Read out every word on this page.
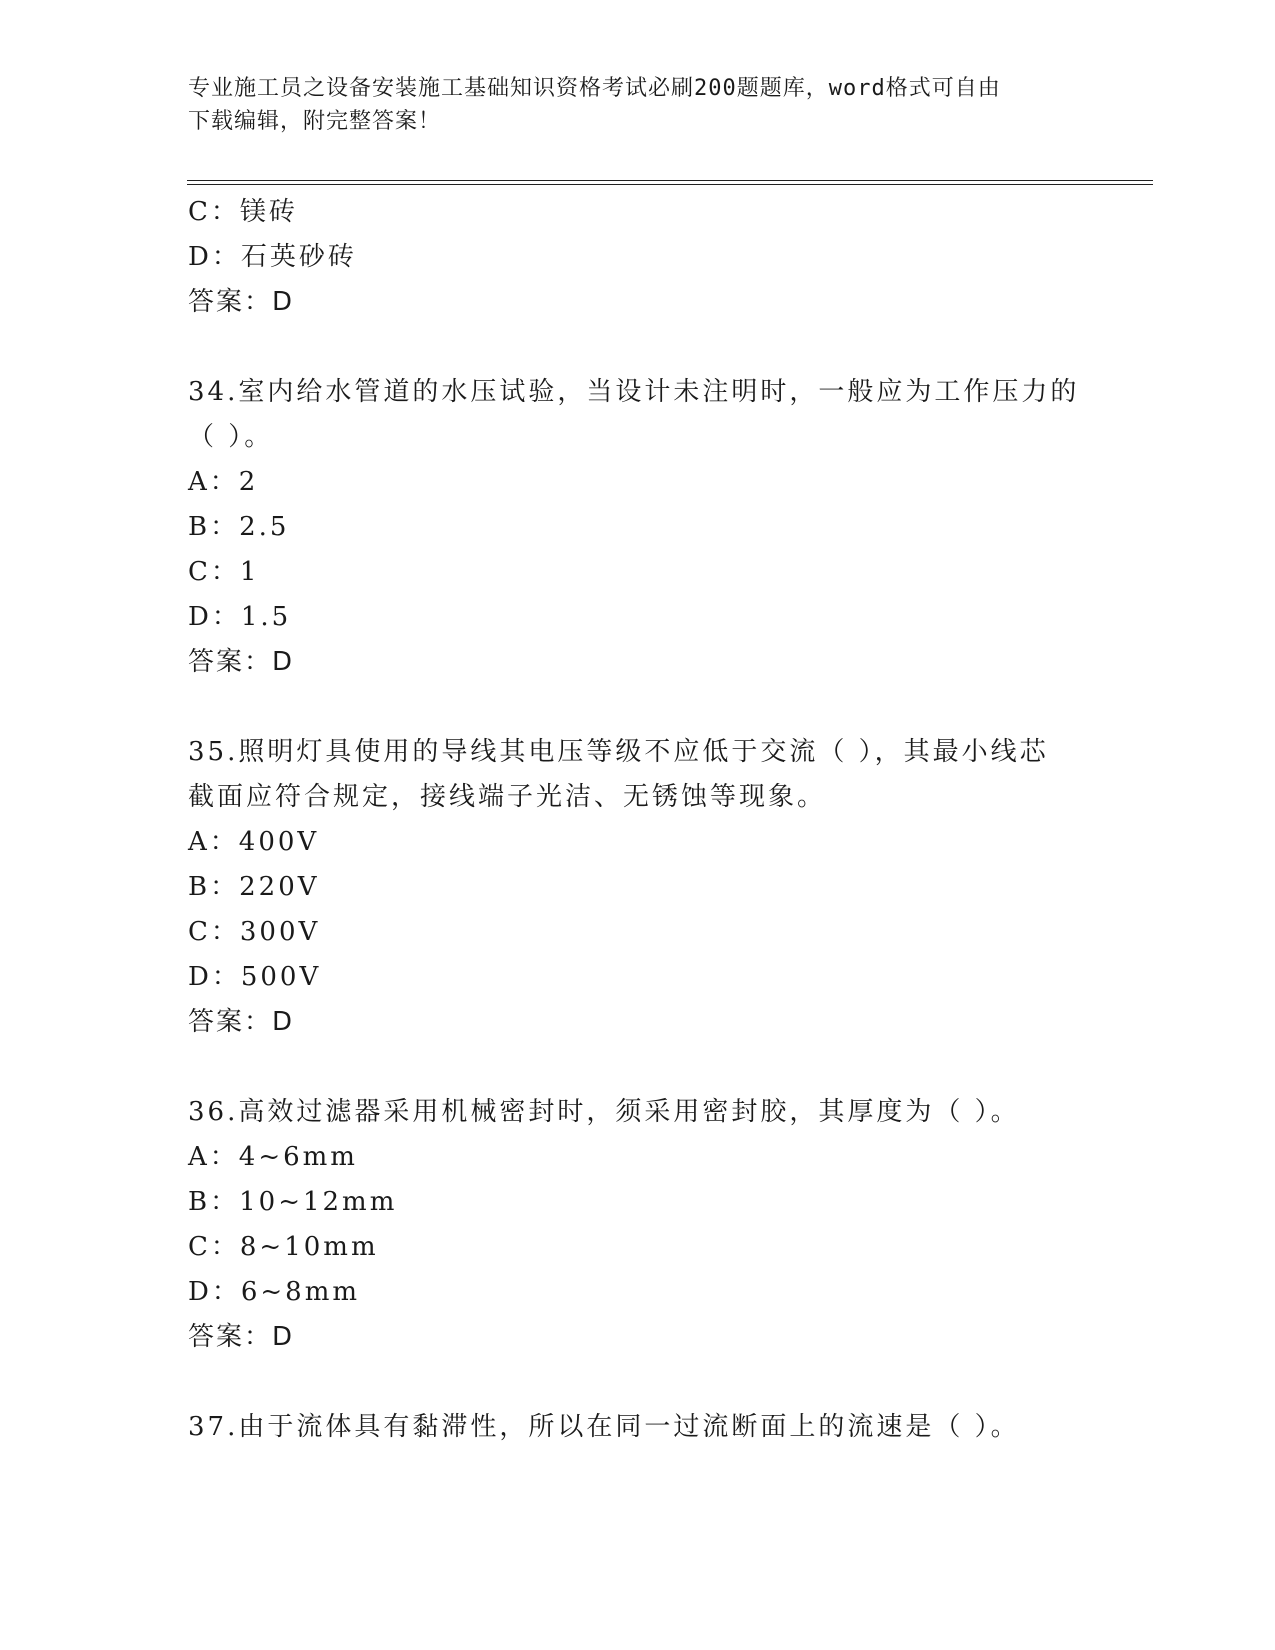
专业施工员之设备安装施工基础知识资格考试必刷200题题库，word格式可自由
下载编辑，附完整答案！
C：镁砖
D：石英砂砖
答案：D
34.室内给水管道的水压试验，当设计未注明时，一般应为工作压力的
（ ）。
A：2
B：2.5
C：1
D：1.5
答案：D
35.照明灯具使用的导线其电压等级不应低于交流（ ），其最小线芯
截面应符合规定，接线端子光洁、无锈蚀等现象。
A：400V
B：220V
C：300V
D：500V
答案：D
36.高效过滤器采用机械密封时，须采用密封胶，其厚度为（ ）。
A：4~6mm
B：10~12mm
C：8~10mm
D：6~8mm
答案：D
37.由于流体具有黏滞性，所以在同一过流断面上的流速是（ ）。
